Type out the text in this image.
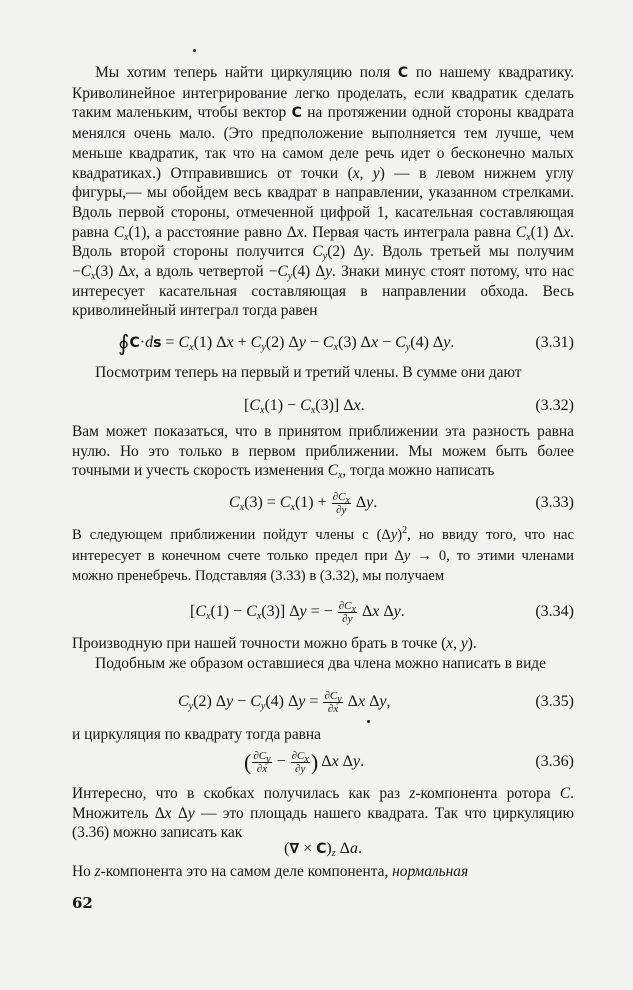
  Мы хотим теперь найти циркуляцию поля C по нашему квадратику. Криволинейное интегрирование легко проделать, если квадратик сделать таким маленьким, чтобы вектор C на протяжении одной стороны квадрата менялся очень мало. (Это предположение выполняется тем лучше, чем меньше квадратик, так что на самом деле речь идет о бесконечно малых квадратиках.) Отправившись от точки (x, y) — в левом нижнем углу фигуры,— мы обойдем весь квадрат в направлении, указанном стрелками. Вдоль первой стороны, отмеченной цифрой 1, касательная составляющая равна $C_x(1)$, а расстояние равно Δx. Первая часть интеграла равна $C_x(1)$ Δx. Вдоль второй стороны получится $C_y(2)$ Δy. Вдоль третьей мы получим $-C_x(3)$ Δx, а вдоль четвертой $-C_y(4)$ Δy. Знаки минус стоят потому, что нас интересует касательная составляющая в направлении обхода. Весь криволинейный интеграл тогда равен

∮C·ds = $C_x(1) \Delta x + C_y(2) \Delta y - C_x(3) \Delta x - C_y(4)$ Δy.	(3.31)

  Посмотрим теперь на первый и третий члены. В сумме они дают

$[C_x(1) - C_x(3)]$ Δx.	(3.32)

Вам может показаться, что в принятом приближении эта разность равна нулю. Но это только в первом приближении. Мы можем быть более точными и учесть скорость изменения $C_x$, тогда можно написать

$C_x(3) = C_x(1) + \frac{\partial C_x}{\partial y} \Delta y$.	(3.33)

В следующем приближении пойдут члены с $(\Delta y)^2$, но ввиду того, что нас интересует в конечном счете только предел при Δy → 0, то этими членами можно пренебречь. Подставляя (3.33) в (3.32), мы получаем

$[C_x(1) - C_x(3)] \Delta y$ = − $\frac{\partial C_x}{\partial y}$ Δx Δy.	(3.34)

Производную при нашей точности можно брать в точке (x, y).

  Подобным же образом оставшиеся два члена можно написать в виде

$C_y(2) \Delta y - C_y(4) \Delta y = \frac{\partial C_y}{\partial x}$ Δx Δy,	(3.35)

и циркуляция по квадрату тогда равна

( $\frac{\partial C_y}{\partial x} - \frac{\partial C_x}{\partial y}$ ) Δx Δy.	(3.36)

Интересно, что в скобках получилась как раз z-компонента ротора C. Множитель Δx Δy — это площадь нашего квадрата. Так что циркуляцию (3.36) можно записать как

(∇ × $C)_z$ Δa.

Но z-компонента это на самом деле компонента, нормальная

62
